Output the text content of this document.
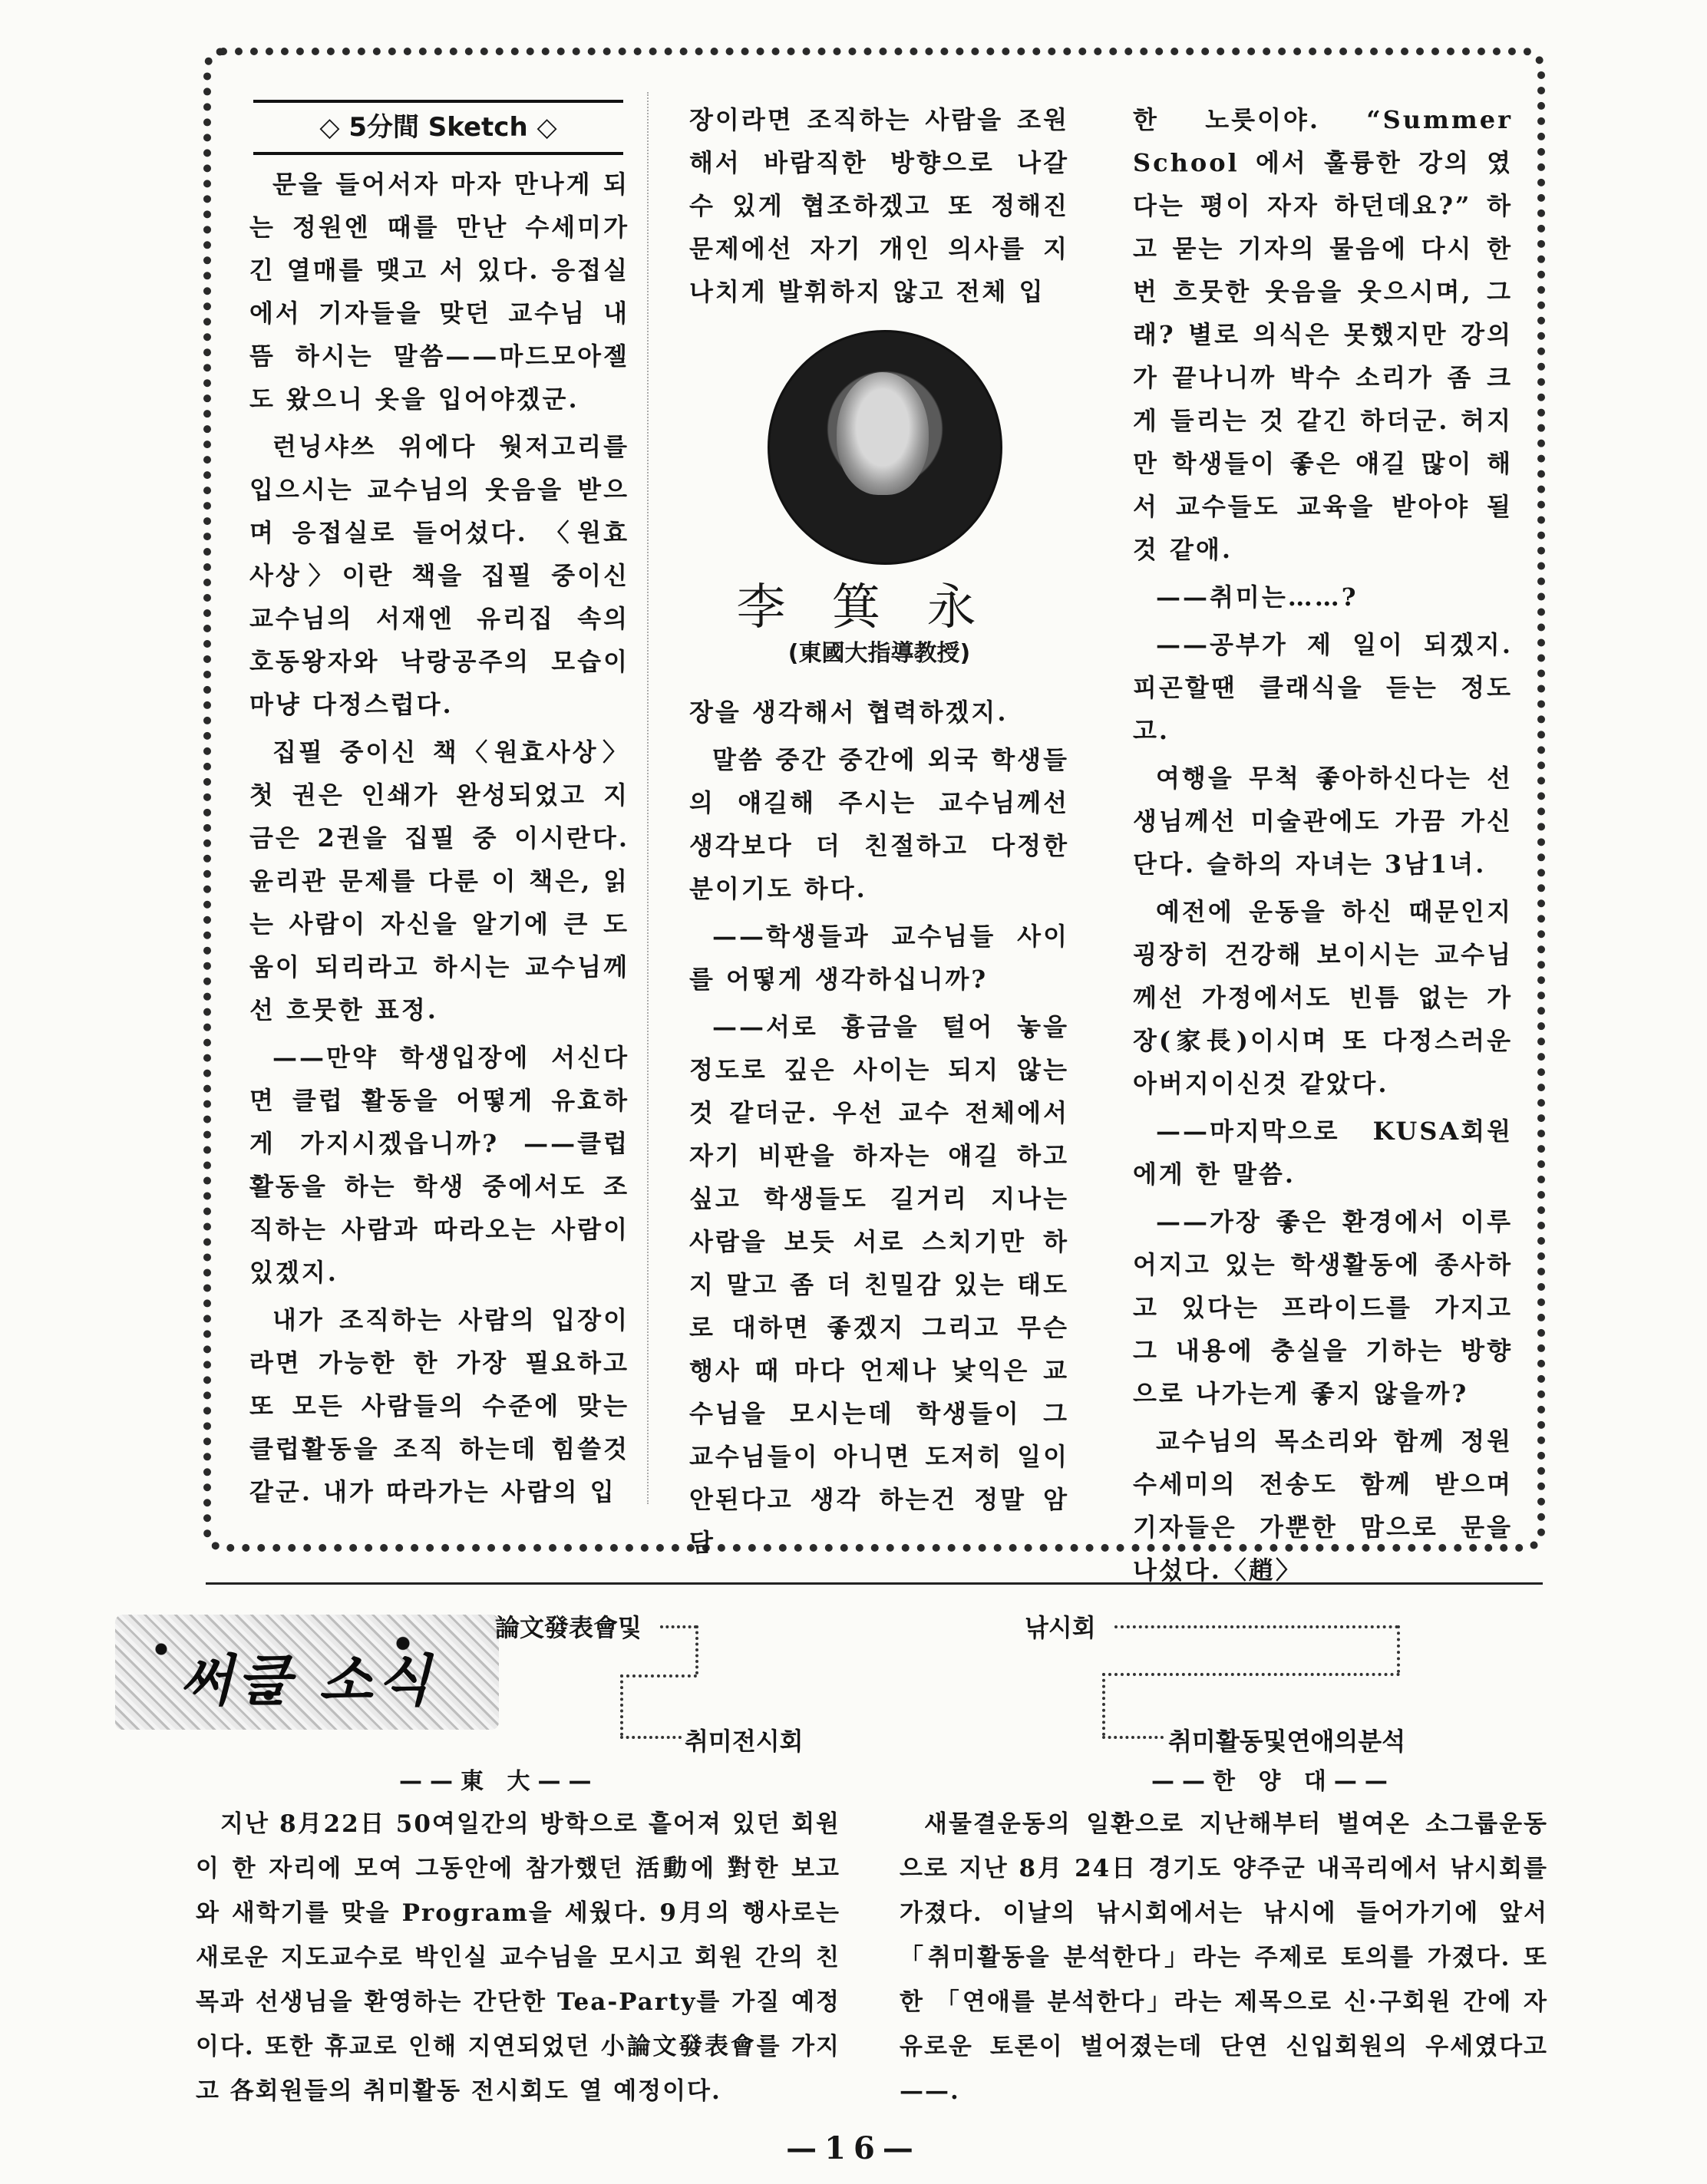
◇ 5分間 Sketch ◇

문을 들어서자 마자 만나게 되는 정원엔 때를 만난 수세미가 긴 열매를 맺고 서 있다. 응접실에서 기자들을 맞던 교수님 내뜸 하시는 말씀——마드모아젤도 왔으니 옷을 입어야겠군.

런닝샤쓰 위에다 웟저고리를 입으시는 교수님의 웃음을 받으며 응접실로 들어섰다. 〈원효사상〉이란 책을 집필 중이신 교수님의 서재엔 유리집 속의 호동왕자와 낙랑공주의 모습이 마냥 다정스럽다.

집필 중이신 책〈원효사상〉 첫 권은 인쇄가 완성되었고 지금은 2권을 집필 중 이시란다. 윤리관 문제를 다룬 이 책은, 읽는 사람이 자신을 알기에 큰 도움이 되리라고 하시는 교수님께선 흐뭇한 표정.

——만약 학생입장에 서신다면 클럽 활동을 어떻게 유효하게 가지시겠읍니까? ——클럽 활동을 하는 학생 중에서도 조직하는 사람과 따라오는 사람이 있겠지.

내가 조직하는 사람의 입장이라면 가능한 한 가장 필요하고 또 모든 사람들의 수준에 맞는 클럽활동을 조직 하는데 힘쓸것 같군. 내가 따라가는 사람의 입

장이라면 조직하는 사람을 조원해서 바람직한 방향으로 나갈 수 있게 협조하겠고 또 정해진 문제에선 자기 개인 의사를 지나치게 발휘하지 않고 전체 입

李箕永
(東國大指導教授)

장을 생각해서 협력하겠지.

말씀 중간 중간에 외국 학생들의 얘길해 주시는 교수님께선 생각보다 더 친절하고 다정한 분이기도 하다.

——학생들과 교수님들 사이를 어떻게 생각하십니까?

——서로 흉금을 털어 놓을 정도로 깊은 사이는 되지 않는 것 같더군. 우선 교수 전체에서 자기 비판을 하자는 얘길 하고 싶고 학생들도 길거리 지나는 사람을 보듯 서로 스치기만 하지 말고 좀 더 친밀감 있는 태도로 대하면 좋겠지 그리고 무슨 행사 때 마다 언제나 낯익은 교수님을 모시는데 학생들이 그 교수님들이 아니면 도저히 일이 안된다고 생각 하는건 정말 암담

한 노릇이야. “Summer School 에서 훌륭한 강의 였다는 평이 자자 하던데요?” 하고 묻는 기자의 물음에 다시 한번 흐뭇한 웃음을 웃으시며, 그래? 별로 의식은 못했지만 강의가 끝나니까 박수 소리가 좀 크게 들리는 것 같긴 하더군. 허지만 학생들이 좋은 얘길 많이 해서 교수들도 교육을 받아야 될것 같애.

——취미는……?

——공부가 제 일이 되겠지. 피곤할땐 클래식을 듣는 정도고.

여행을 무척 좋아하신다는 선생님께선 미술관에도 가끔 가신단다. 슬하의 자녀는 3남1녀.

예전에 운동을 하신 때문인지 굉장히 건강해 보이시는 교수님께선 가정에서도 빈틈 없는 가장(家長)이시며 또 다정스러운 아버지이신것 같았다.

——마지막으로 KUSA회원에게 한 말씀.

——가장 좋은 환경에서 이루어지고 있는 학생활동에 종사하고 있다는 프라이드를 가지고 그 내용에 충실을 기하는 방향으로 나가는게 좋지 않을까?

교수님의 목소리와 함께 정원 수세미의 전송도 함께 받으며 기자들은 가뿐한 맘으로 문을 나섰다.〈趙〉

써클 소식
論文發表會및
취미전시회
——東 大——

지난 8月22日 50여일간의 방학으로 흩어져 있던 회원이 한 자리에 모여 그동안에 참가했던 活動에 對한 보고와 새학기를 맞을 Program을 세웠다. 9月의 행사로는 새로운 지도교수로 박인실 교수님을 모시고 회원 간의 친목과 선생님을 환영하는 간단한 Tea-Party를 가질 예정이다. 또한 휴교로 인해 지연되었던 小論文發表會를 가지고 各회원들의 취미활동 전시회도 열 예정이다.

낚시회
취미활동및연애의분석
——한 양 대——

새물결운동의 일환으로 지난해부터 벌여온 소그룹운동으로 지난 8月 24日 경기도 양주군 내곡리에서 낚시회를 가졌다. 이날의 낚시회에서는 낚시에 들어가기에 앞서 「취미활동을 분석한다」라는 주제로 토의를 가졌다. 또한 「연애를 분석한다」라는 제목으로 신·구회원 간에 자유로운 토론이 벌어졌는데 단연 신입회원의 우세였다고——.

—16—
